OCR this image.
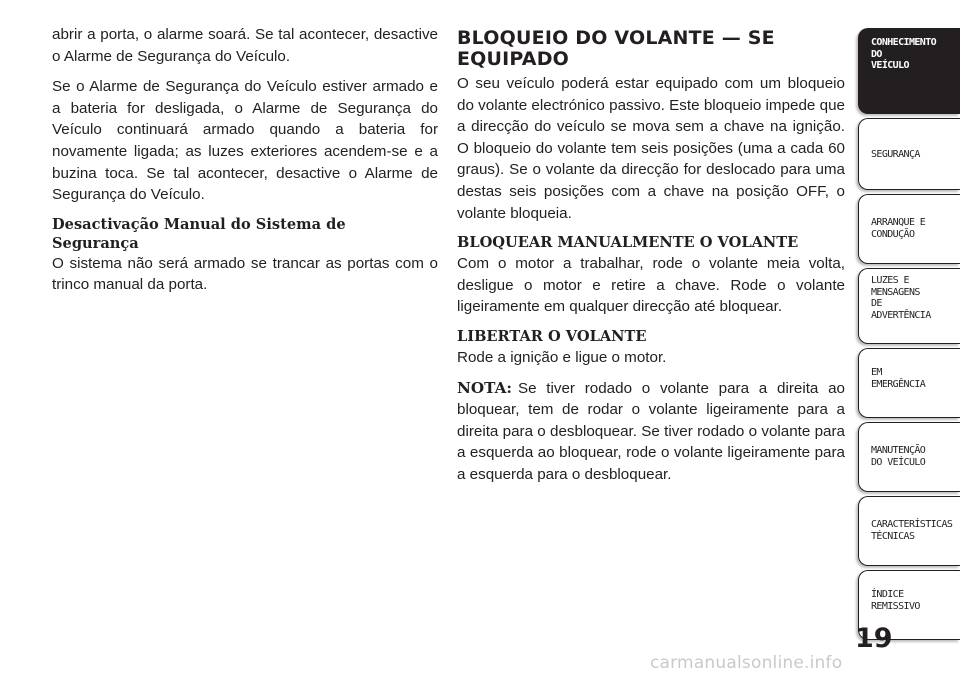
abrir a porta, o alarme soará. Se tal acontecer, desactive o Alarme de Segurança do Veículo.

Se o Alarme de Segurança do Veículo estiver armado e a bateria for desligada, o Alarme de Segurança do Veículo continuará armado quando a bateria for novamente ligada; as luzes exteriores acendem-se e a buzina toca. Se tal acontecer, desactive o Alarme de Segurança do Veículo.

Desactivação Manual do Sistema de
Segurança

O sistema não será armado se trancar as portas com o trinco manual da porta.

BLOQUEIO DO VOLANTE — SE
EQUIPADO

O seu veículo poderá estar equipado com um bloqueio do volante electrónico passivo. Este bloqueio impede que a direcção do veículo se mova sem a chave na ignição. O bloqueio do volante tem seis posições (uma a cada 60 graus). Se o volante da direcção for deslocado para uma destas seis posições com a chave na posição OFF, o volante bloqueia.

BLOQUEAR MANUALMENTE O VOLANTE

Com o motor a trabalhar, rode o volante meia volta, desligue o motor e retire a chave. Rode o volante ligeiramente em qualquer direcção até bloquear.

LIBERTAR O VOLANTE

Rode a ignição e ligue o motor.

NOTA: Se tiver rodado o volante para a direita ao bloquear, tem de rodar o volante ligeiramente para a direita para o desbloquear. Se tiver rodado o volante para a esquerda ao bloquear, rode o volante ligeiramente para a esquerda para o desbloquear.

CONHECIMENTO
DO
VEÍCULO
SEGURANÇA
ARRANQUE E
CONDUÇÃO
LUZES E
MENSAGENS
DE
ADVERTÊNCIA
EM
EMERGÊNCIA
MANUTENÇÃO
DO VEÍCULO
CARACTERÍSTICAS
TÉCNICAS
ÍNDICE
REMISSIVO
19
carmanualsonline.info
